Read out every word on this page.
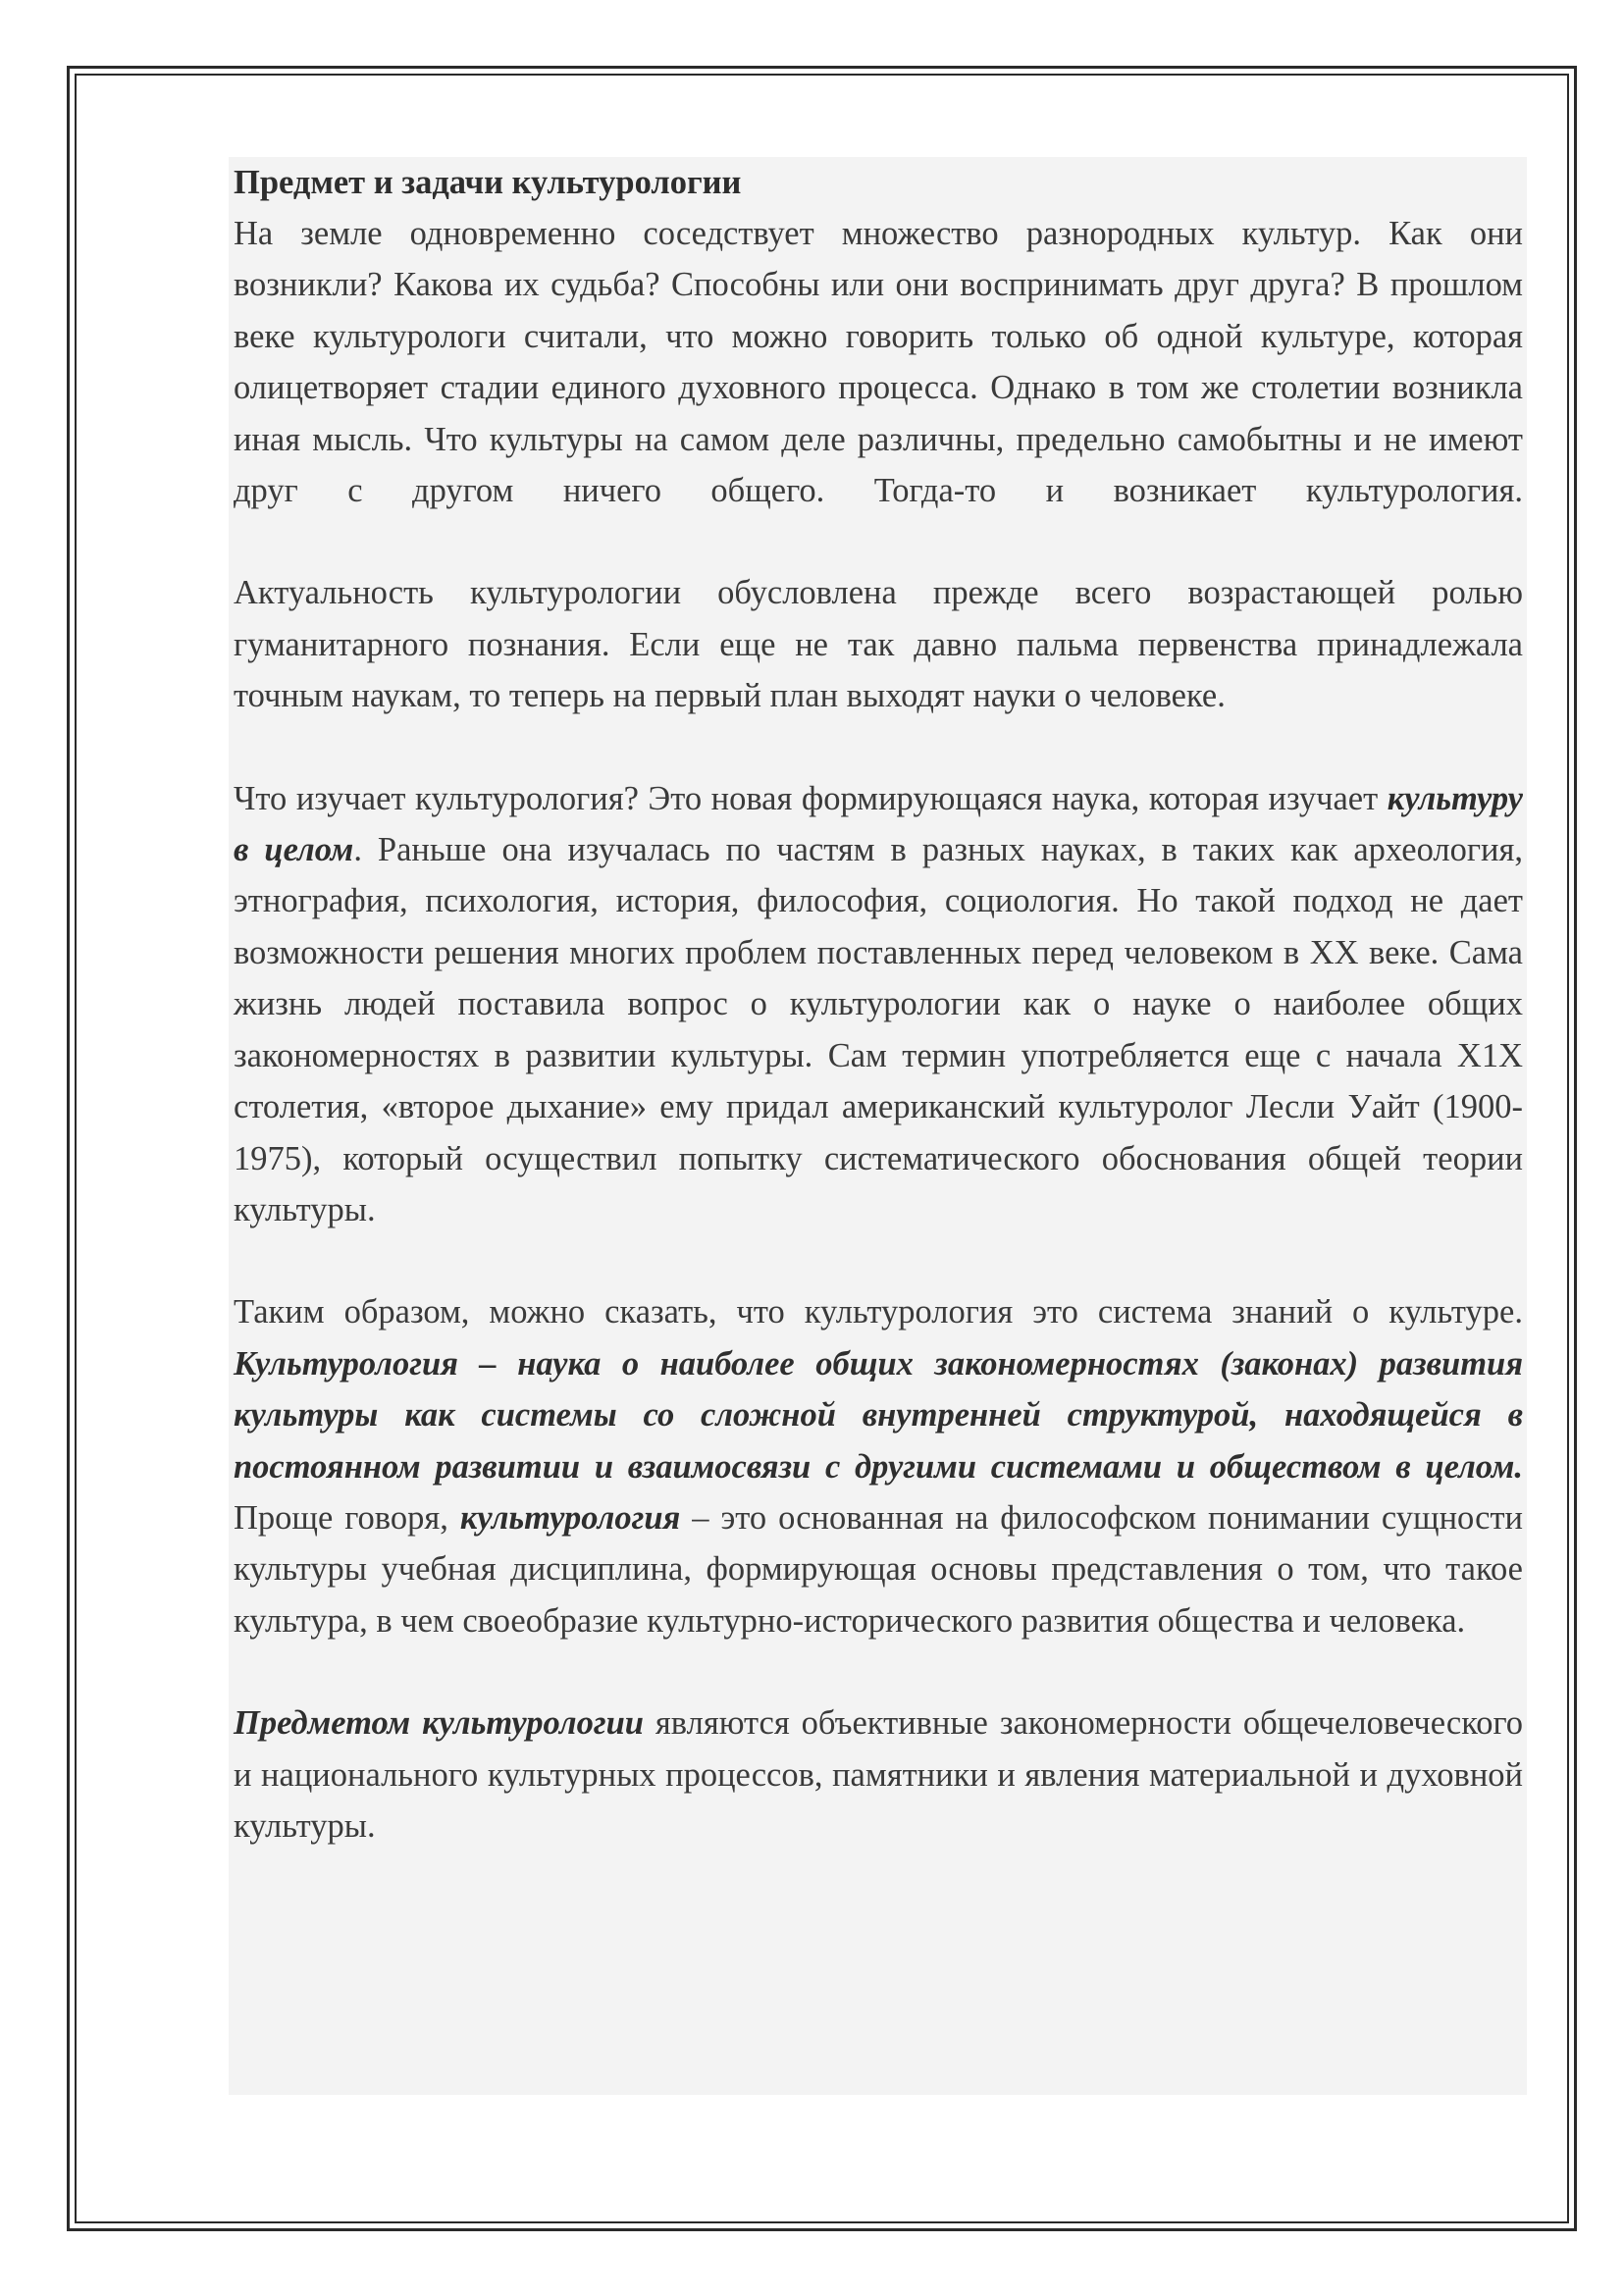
Предмет и задачи культурологии

На земле одновременно соседствует множество разнородных культур. Как они возникли? Какова их судьба? Способны или они воспринимать друг друга? В прошлом веке культурологи считали, что можно говорить только об одной культуре, которая олицетворяет стадии единого духовного процесса. Однако в том же столетии возникла иная мысль. Что культуры на самом деле различны, предельно самобытны и не имеют друг с другом ничего общего. Тогда-то и возникает культурология.

Актуальность культурологии обусловлена прежде всего возрастающей ролью гуманитарного познания. Если еще не так давно пальма первенства принадлежала точным наукам, то теперь на первый план выходят науки о человеке.

Что изучает культурология? Это новая формирующаяся наука, которая изучает культуру в целом. Раньше она изучалась по частям в разных науках, в таких как археология, этнография, психология, история, философия, социология. Но такой подход не дает возможности решения многих проблем поставленных перед человеком в XX веке. Сама жизнь людей поставила вопрос о культурологии как о науке о наиболее общих закономерностях в развитии культуры. Сам термин употребляется еще с начала X1X столетия, «второе дыхание» ему придал американский культуролог Лесли Уайт (1900-1975), который осуществил попытку систематического обоснования общей теории культуры.

Таким образом, можно сказать, что культурология это система знаний о культуре. Культурология – наука о наиболее общих закономерностях (законах) развития культуры как системы со сложной внутренней структурой, находящейся в постоянном развитии и взаимосвязи с другими системами и обществом в целом. Проще говоря, культурология – это основанная на философском понимании сущности культуры учебная дисциплина, формирующая основы представления о том, что такое культура, в чем своеобразие культурно-исторического развития общества и человека.

Предметом культурологии являются объективные закономерности общечеловеческого и национального культурных процессов, памятники и явления материальной и духовной культуры.
